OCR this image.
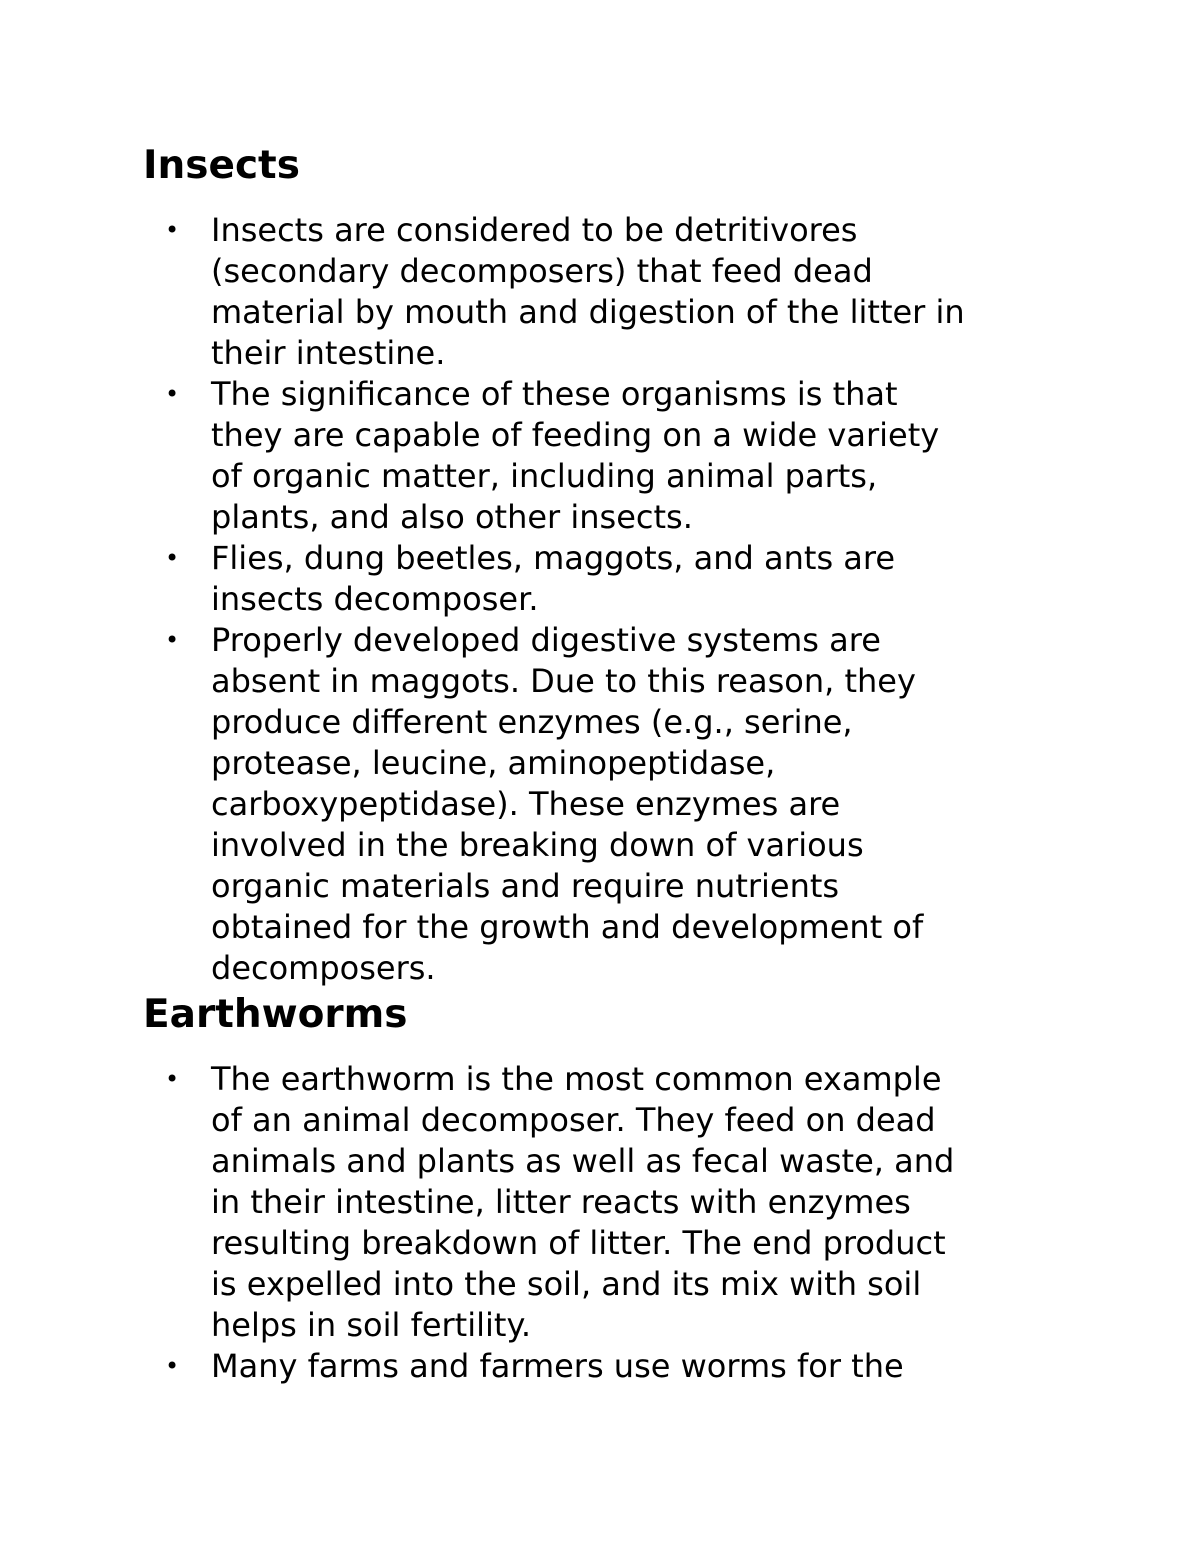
Insects
• Insects are considered to be detritivores
(secondary decomposers) that feed dead
material by mouth and digestion of the litter in
their intestine.
• The significance of these organisms is that
they are capable of feeding on a wide variety
of organic matter, including animal parts,
plants, and also other insects.
• Flies, dung beetles, maggots, and ants are
insects decomposer.
• Properly developed digestive systems are
absent in maggots. Due to this reason, they
produce different enzymes (e.g., serine,
protease, leucine, aminopeptidase,
carboxypeptidase). These enzymes are
involved in the breaking down of various
organic materials and require nutrients
obtained for the growth and development of
decomposers.
Earthworms
• The earthworm is the most common example
of an animal decomposer. They feed on dead
animals and plants as well as fecal waste, and
in their intestine, litter reacts with enzymes
resulting breakdown of litter. The end product
is expelled into the soil, and its mix with soil
helps in soil fertility.
• Many farms and farmers use worms for the
